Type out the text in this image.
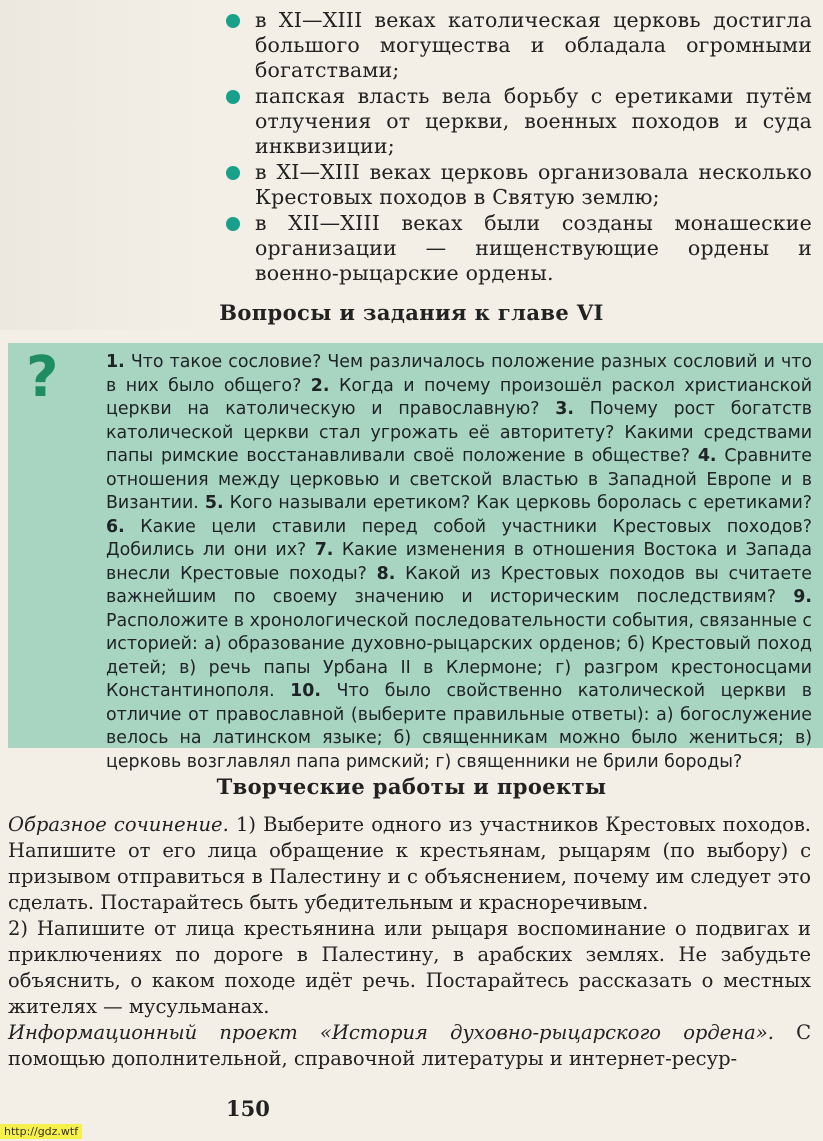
в XI—XIII веках католическая церковь достигла большого могущества и обладала огромными богатствами;
папская власть вела борьбу с еретиками путём отлучения от церкви, военных походов и суда инквизиции;
в XI—XIII веках церковь организовала несколько Крестовых походов в Святую землю;
в XII—XIII веках были созданы монашеские организации — нищенствующие ордены и военно-рыцарские ордены.
Вопросы и задания к главе VI
?	1. Что такое сословие? Чем различалось положение разных сословий и что в них было общего? 2. Когда и почему произошёл раскол христианской церкви на католическую и православную? 3. Почему рост богатств католической церкви стал угрожать её авторитету? Какими средствами папы римские восстанавливали своё положение в обществе? 4. Сравните отношения между церковью и светской властью в Западной Европе и в Византии. 5. Кого называли еретиком? Как церковь боролась с еретиками? 6. Какие цели ставили перед собой участники Крестовых походов? Добились ли они их? 7. Какие изменения в отношения Востока и Запада внесли Крестовые походы? 8. Какой из Крестовых походов вы считаете важнейшим по своему значению и историческим последствиям? 9. Расположите в хронологической последовательности события, связанные с историей: а) образование духовно-рыцарских орденов; б) Крестовый поход детей; в) речь папы Урбана II в Клермоне; г) разгром крестоносцами Константинополя. 10. Что было свойственно католической церкви в отличие от православной (выберите правильные ответы): а) богослужение велось на латинском языке; б) священникам можно было жениться; в) церковь возглавлял папа римский; г) священники не брили бороды?
Творческие работы и проекты

Образное сочинение. 1) Выберите одного из участников Крестовых походов. Напишите от его лица обращение к крестьянам, рыцарям (по выбору) с призывом отправиться в Палестину и с объяснением, почему им следует это сделать. Постарайтесь быть убедительным и красноречивым.

2) Напишите от лица крестьянина или рыцаря воспоминание о подвигах и приключениях по дороге в Палестину, в арабских землях. Не забудьте объяснить, о каком походе идёт речь. Постарайтесь рассказать о местных жителях — мусульманах.

Информационный проект «История духовно-рыцарского ордена». С помощью дополнительной, справочной литературы и интернет-ресур-

150
http://gdz.wtf
